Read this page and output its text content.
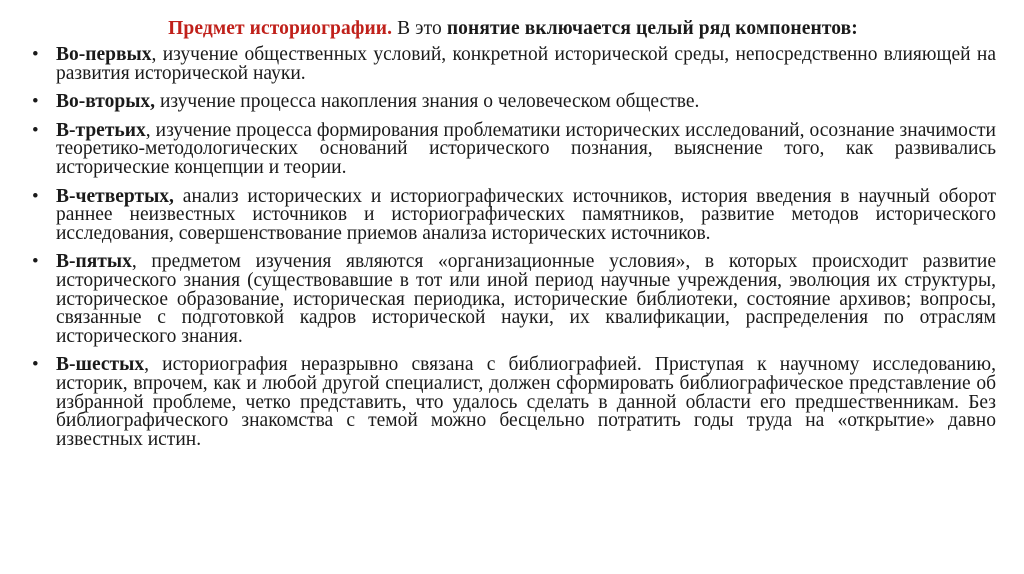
Предмет историографии. В это понятие включается целый ряд компонентов:
• Во-первых, изучение общественных условий, конкретной исторической среды, непосредственно влияющей на развития исторической науки.
• Во-вторых, изучение процесса накопления знания о человеческом обществе.
• В-третьих, изучение процесса формирования проблематики исторических исследований, осознание значимости теоретико-методологических оснований исторического познания, выяснение того, как развивались исторические концепции и теории.
• В-четвертых, анализ исторических и историографических источников, история введения в научный оборот раннее неизвестных источников и историографических памятников, развитие методов исторического исследования, совершенствование приемов анализа исторических источников.
• В-пятых, предметом изучения являются «организационные условия», в которых происходит развитие исторического знания (существовавшие в тот или иной период научные учреждения, эволюция их структуры, историческое образование, историческая периодика, исторические библиотеки, состояние архивов; вопросы, связанные с подготовкой кадров исторической науки, их квалификации, распределения по отраслям исторического знания.
• В-шестых, историография неразрывно связана с библиографией. Приступая к научному исследованию, историк, впрочем, как и любой другой специалист, должен сформировать библиографическое представление об избранной проблеме, четко представить, что удалось сделать в данной области его предшественникам. Без библиографического знакомства с темой можно бесцельно потратить годы труда на «открытие» давно известных истин.
